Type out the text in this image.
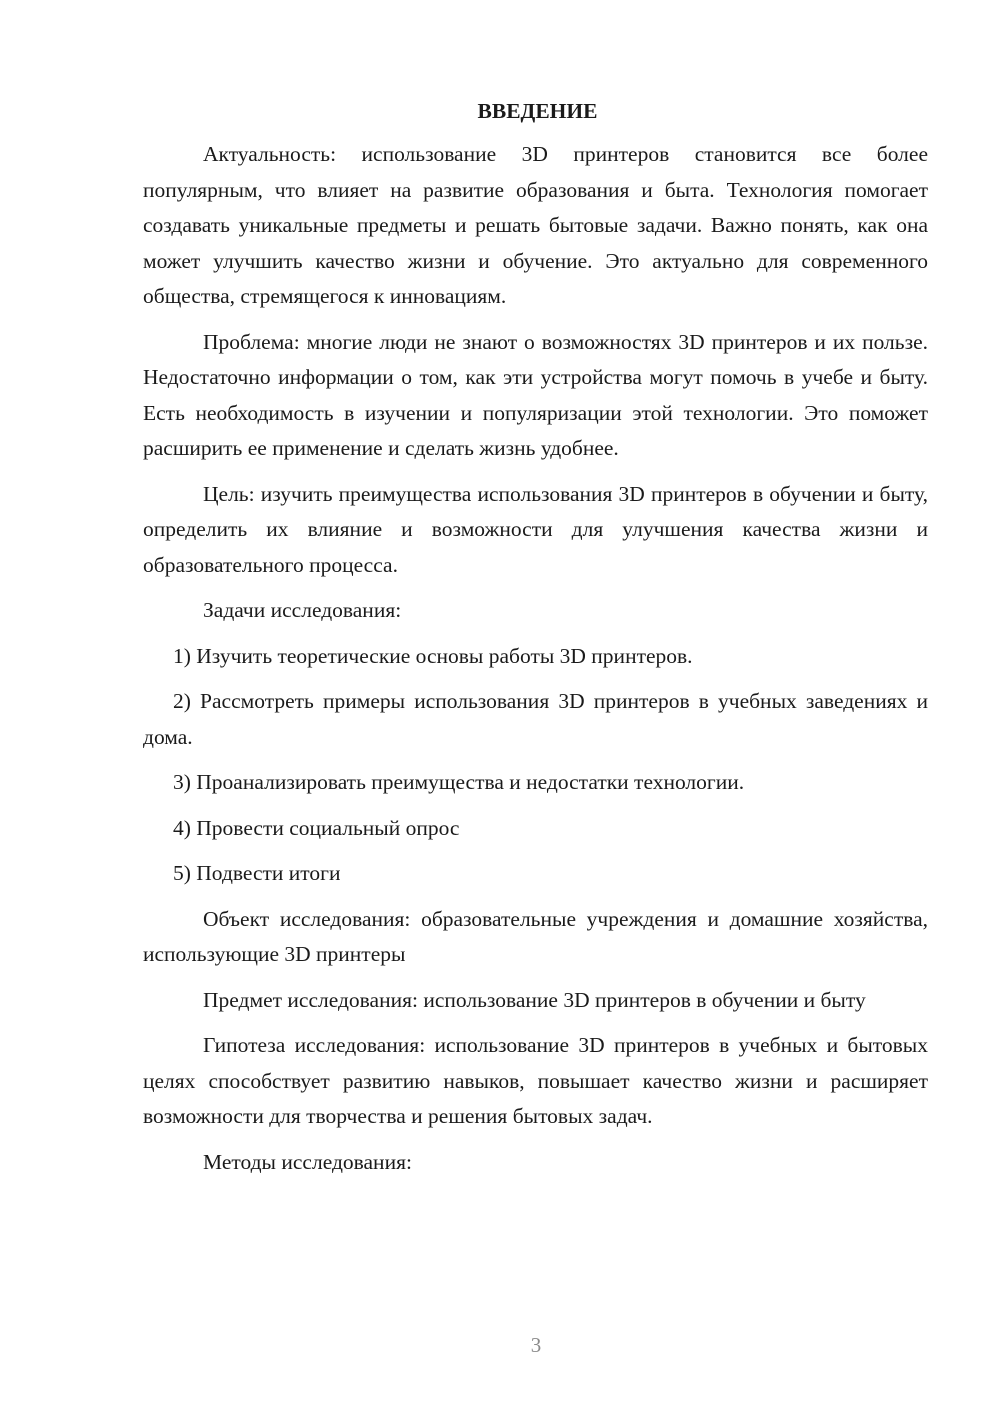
ВВЕДЕНИЕ

Актуальность: использование 3D принтеров становится все более популярным, что влияет на развитие образования и быта. Технология помогает создавать уникальные предметы и решать бытовые задачи. Важно понять, как она может улучшить качество жизни и обучение. Это актуально для современного общества, стремящегося к инновациям.

Проблема: многие люди не знают о возможностях 3D принтеров и их пользе. Недостаточно информации о том, как эти устройства могут помочь в учебе и быту. Есть необходимость в изучении и популяризации этой технологии. Это поможет расширить ее применение и сделать жизнь удобнее.

Цель: изучить преимущества использования 3D принтеров в обучении и быту, определить их влияние и возможности для улучшения качества жизни и образовательного процесса.

Задачи исследования:

1) Изучить теоретические основы работы 3D принтеров.

2) Рассмотреть примеры использования 3D принтеров в учебных заведениях и дома.

3) Проанализировать преимущества и недостатки технологии.

4) Провести социальный опрос

5) Подвести итоги

Объект исследования: образовательные учреждения и домашние хозяйства, использующие 3D принтеры

Предмет исследования: использование 3D принтеров в обучении и быту

Гипотеза исследования: использование 3D принтеров в учебных и бытовых целях способствует развитию навыков, повышает качество жизни и расширяет возможности для творчества и решения бытовых задач.

Методы исследования:

3
